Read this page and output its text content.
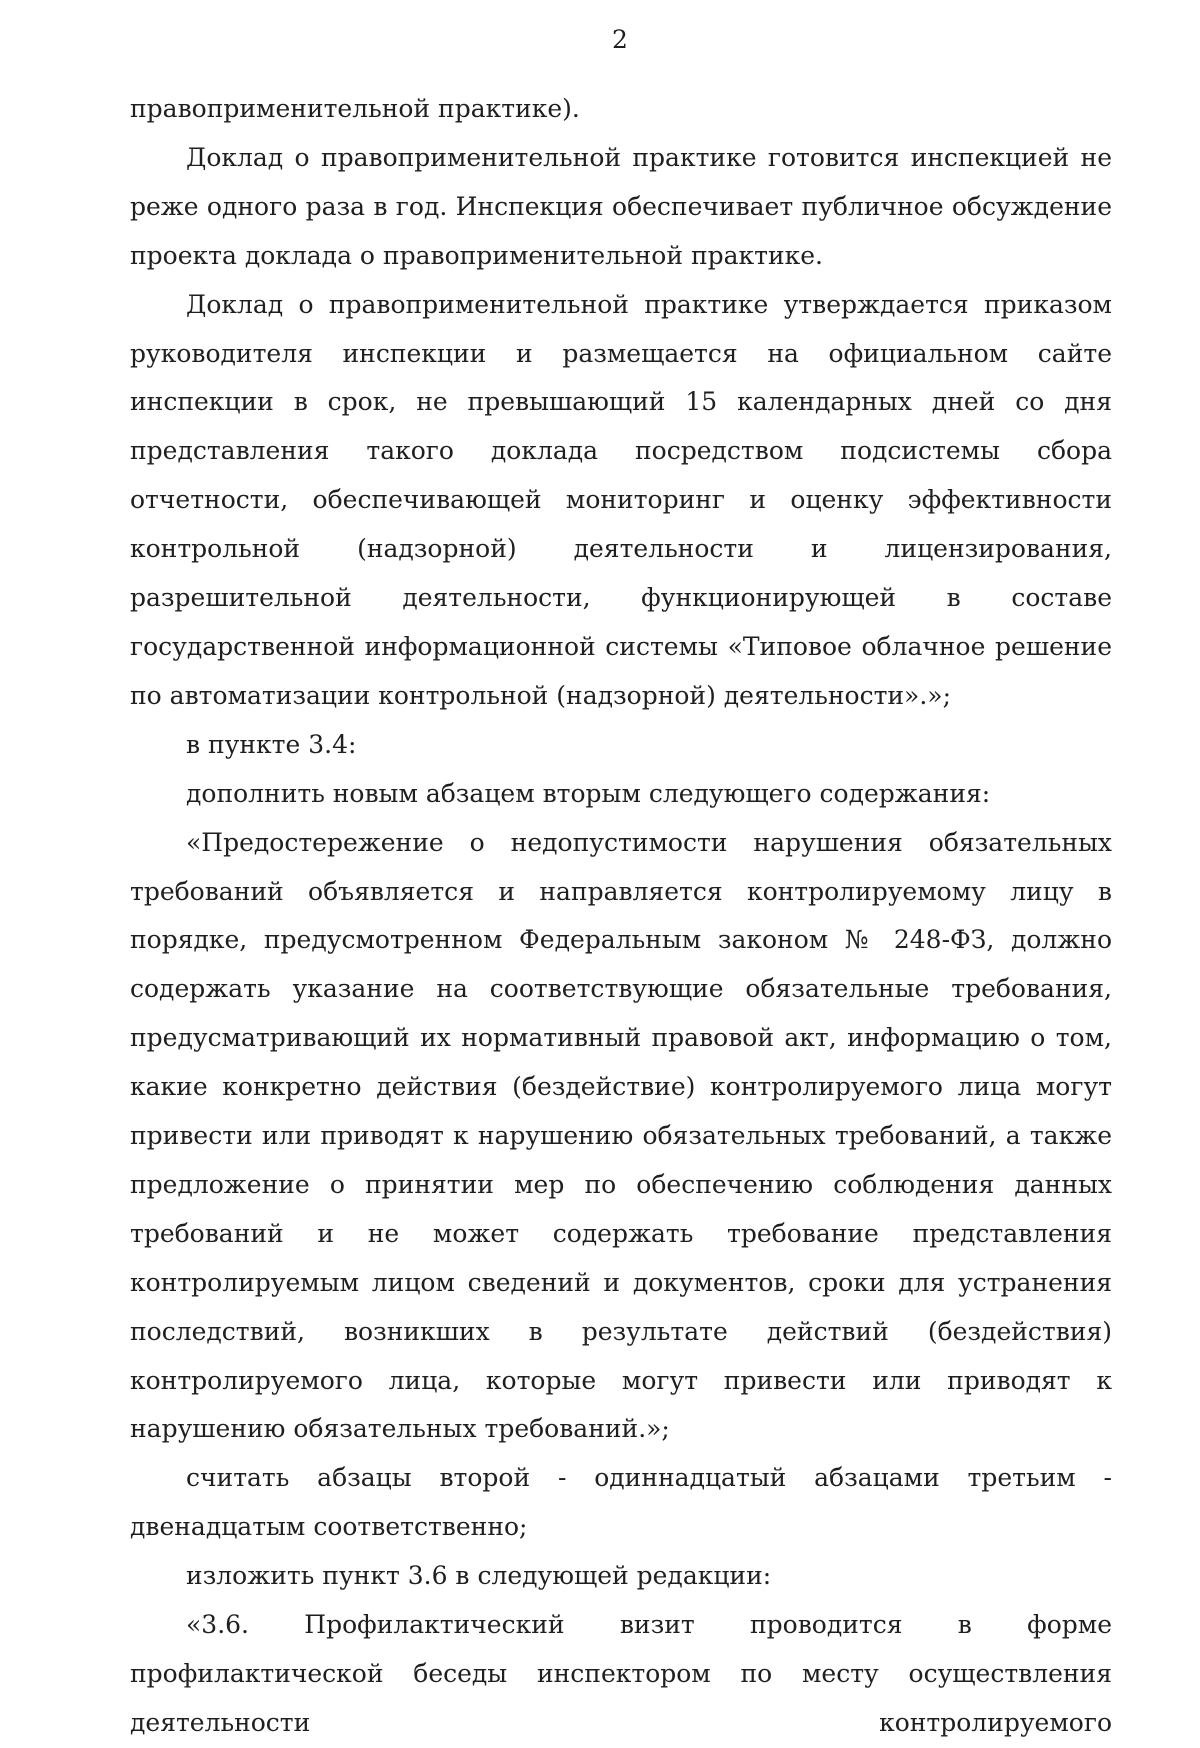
2

правоприменительной практике).

Доклад о правоприменительной практике готовится инспекцией не реже одного раза в год. Инспекция обеспечивает публичное обсуждение проекта доклада о правоприменительной практике.

Доклад о правоприменительной практике утверждается приказом руководителя инспекции и размещается на официальном сайте инспекции в срок, не превышающий 15 календарных дней со дня представления такого доклада посредством подсистемы сбора отчетности, обеспечивающей мониторинг и оценку эффективности контрольной (надзорной) деятельности и лицензирования, разрешительной деятельности, функционирующей в составе государственной информационной системы «Типовое облачное решение по автоматизации контрольной (надзорной) деятельности».»;

в пункте 3.4:

дополнить новым абзацем вторым следующего содержания:

«Предостережение о недопустимости нарушения обязательных требований объявляется и направляется контролируемому лицу в порядке, предусмотренном Федеральным законом № 248-ФЗ, должно содержать указание на соответствующие обязательные требования, предусматривающий их нормативный правовой акт, информацию о том, какие конкретно действия (бездействие) контролируемого лица могут привести или приводят к нарушению обязательных требований, а также предложение о принятии мер по обеспечению соблюдения данных требований и не может содержать требование представления контролируемым лицом сведений и документов, сроки для устранения последствий, возникших в результате действий (бездействия) контролируемого лица, которые могут привести или приводят к нарушению обязательных требований.»;

считать абзацы второй - одиннадцатый абзацами третьим - двенадцатым соответственно;

изложить пункт 3.6 в следующей редакции:

«3.6. Профилактический визит проводится в форме профилактической беседы инспектором по месту осуществления деятельности контролируемого
